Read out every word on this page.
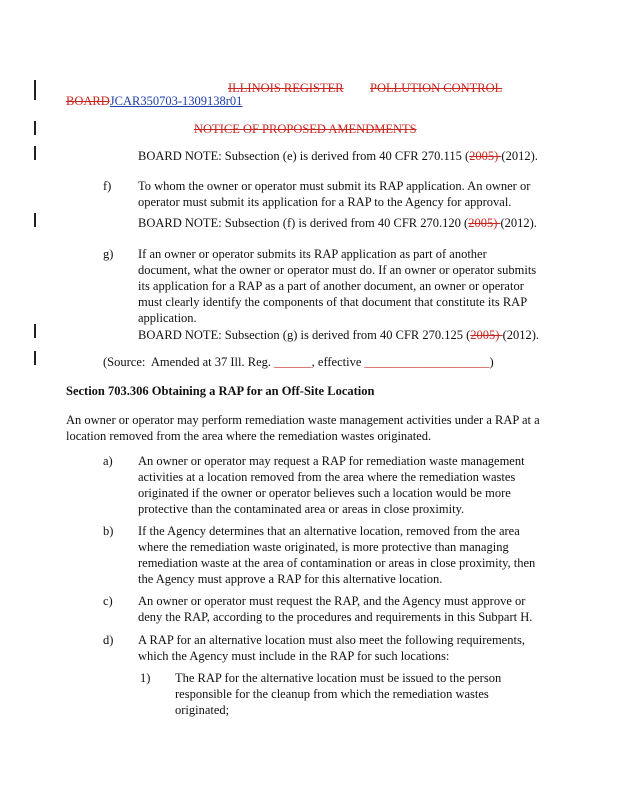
ILLINOIS REGISTER POLLUTION CONTROL
BOARDJCAR350703-1309138r01
NOTICE OF PROPOSED AMENDMENTS
BOARD NOTE: Subsection (e) is derived from 40 CFR 270.115 (2005) (2012).
f) To whom the owner or operator must submit its RAP application. An owner or operator must submit its application for a RAP to the Agency for approval.
BOARD NOTE: Subsection (f) is derived from 40 CFR 270.120 (2005) (2012).
g) If an owner or operator submits its RAP application as part of another document, what the owner or operator must do. If an owner or operator submits its application for a RAP as a part of another document, an owner or operator must clearly identify the components of that document that constitute its RAP application.
BOARD NOTE: Subsection (g) is derived from 40 CFR 270.125 (2005) (2012).
(Source:  Amended at 37 Ill. Reg. ______, effective ____________________)
Section 703.306 Obtaining a RAP for an Off-Site Location
An owner or operator may perform remediation waste management activities under a RAP at a location removed from the area where the remediation wastes originated.
a) An owner or operator may request a RAP for remediation waste management activities at a location removed from the area where the remediation wastes originated if the owner or operator believes such a location would be more protective than the contaminated area or areas in close proximity.
b) If the Agency determines that an alternative location, removed from the area where the remediation waste originated, is more protective than managing remediation waste at the area of contamination or areas in close proximity, then the Agency must approve a RAP for this alternative location.
c) An owner or operator must request the RAP, and the Agency must approve or deny the RAP, according to the procedures and requirements in this Subpart H.
d) A RAP for an alternative location must also meet the following requirements, which the Agency must include in the RAP for such locations:
1) The RAP for the alternative location must be issued to the person responsible for the cleanup from which the remediation wastes originated;
